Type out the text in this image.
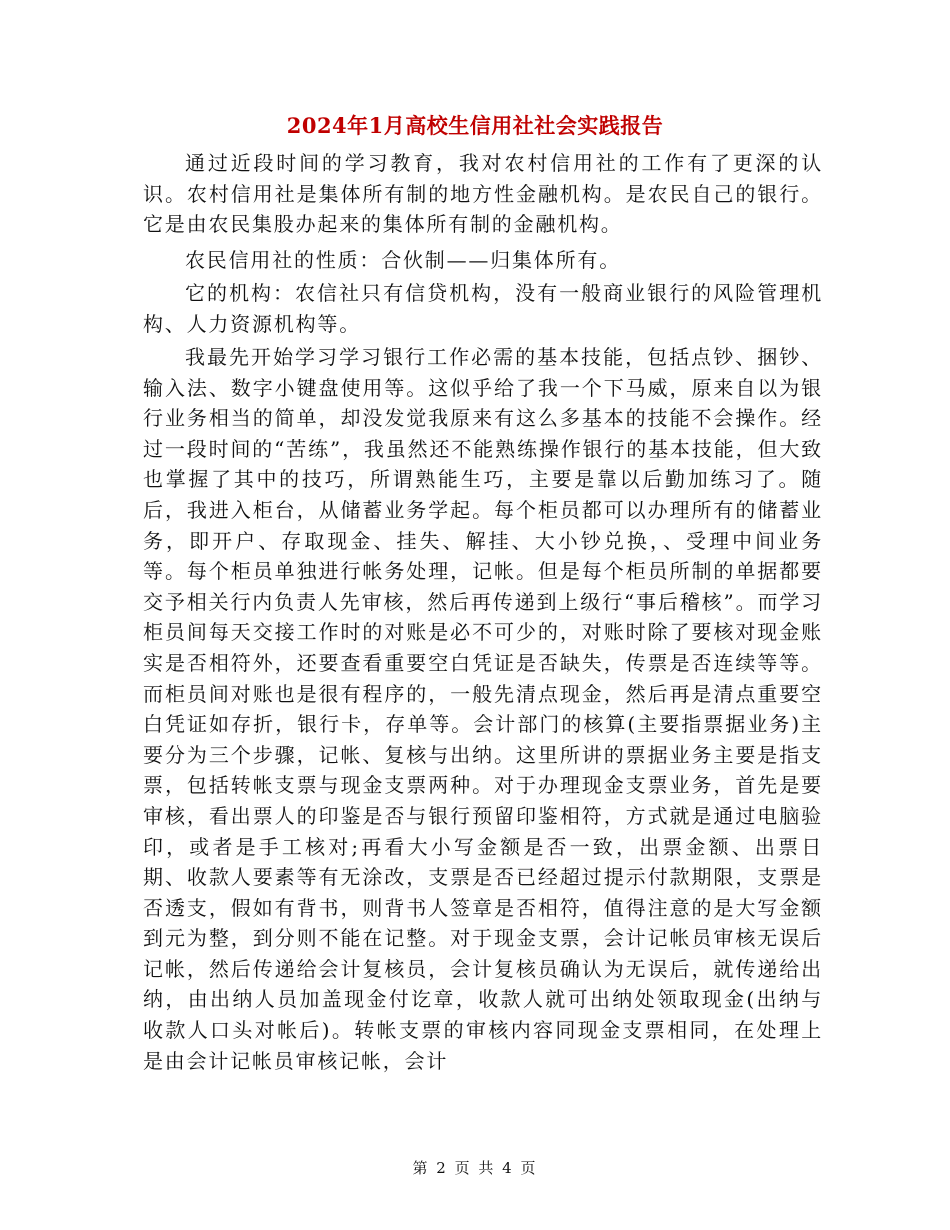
2024年1月高校生信用社社会实践报告

通过近段时间的学习教育，我对农村信用社的工作有了更深的认识。农村信用社是集体所有制的地方性金融机构。是农民自己的银行。它是由农民集股办起来的集体所有制的金融机构。

农民信用社的性质：合伙制——归集体所有。

它的机构：农信社只有信贷机构，没有一般商业银行的风险管理机构、人力资源机构等。

我最先开始学习学习银行工作必需的基本技能，包括点钞、捆钞、输入法、数字小键盘使用等。这似乎给了我一个下马威，原来自以为银行业务相当的简单，却没发觉我原来有这么多基本的技能不会操作。经过一段时间的“苦练”，我虽然还不能熟练操作银行的基本技能，但大致也掌握了其中的技巧，所谓熟能生巧，主要是靠以后勤加练习了。随后，我进入柜台，从储蓄业务学起。每个柜员都可以办理所有的储蓄业务，即开户、存取现金、挂失、解挂、大小钞兑换，、受理中间业务等。每个柜员单独进行帐务处理，记帐。但是每个柜员所制的单据都要交予相关行内负责人先审核，然后再传递到上级行“事后稽核”。而学习柜员间每天交接工作时的对账是必不可少的，对账时除了要核对现金账实是否相符外，还要查看重要空白凭证是否缺失，传票是否连续等等。而柜员间对账也是很有程序的，一般先清点现金，然后再是清点重要空白凭证如存折，银行卡，存单等。会计部门的核算(主要指票据业务)主要分为三个步骤，记帐、复核与出纳。这里所讲的票据业务主要是指支票，包括转帐支票与现金支票两种。对于办理现金支票业务，首先是要审核，看出票人的印鉴是否与银行预留印鉴相符，方式就是通过电脑验印，或者是手工核对;再看大小写金额是否一致，出票金额、出票日期、收款人要素等有无涂改，支票是否已经超过提示付款期限，支票是否透支，假如有背书，则背书人签章是否相符，值得注意的是大写金额到元为整，到分则不能在记整。对于现金支票，会计记帐员审核无误后记帐，然后传递给会计复核员，会计复核员确认为无误后，就传递给出纳，由出纳人员加盖现金付讫章，收款人就可出纳处领取现金(出纳与收款人口头对帐后)。转帐支票的审核内容同现金支票相同，在处理上是由会计记帐员审核记帐，会计

第 2 页 共 4 页
